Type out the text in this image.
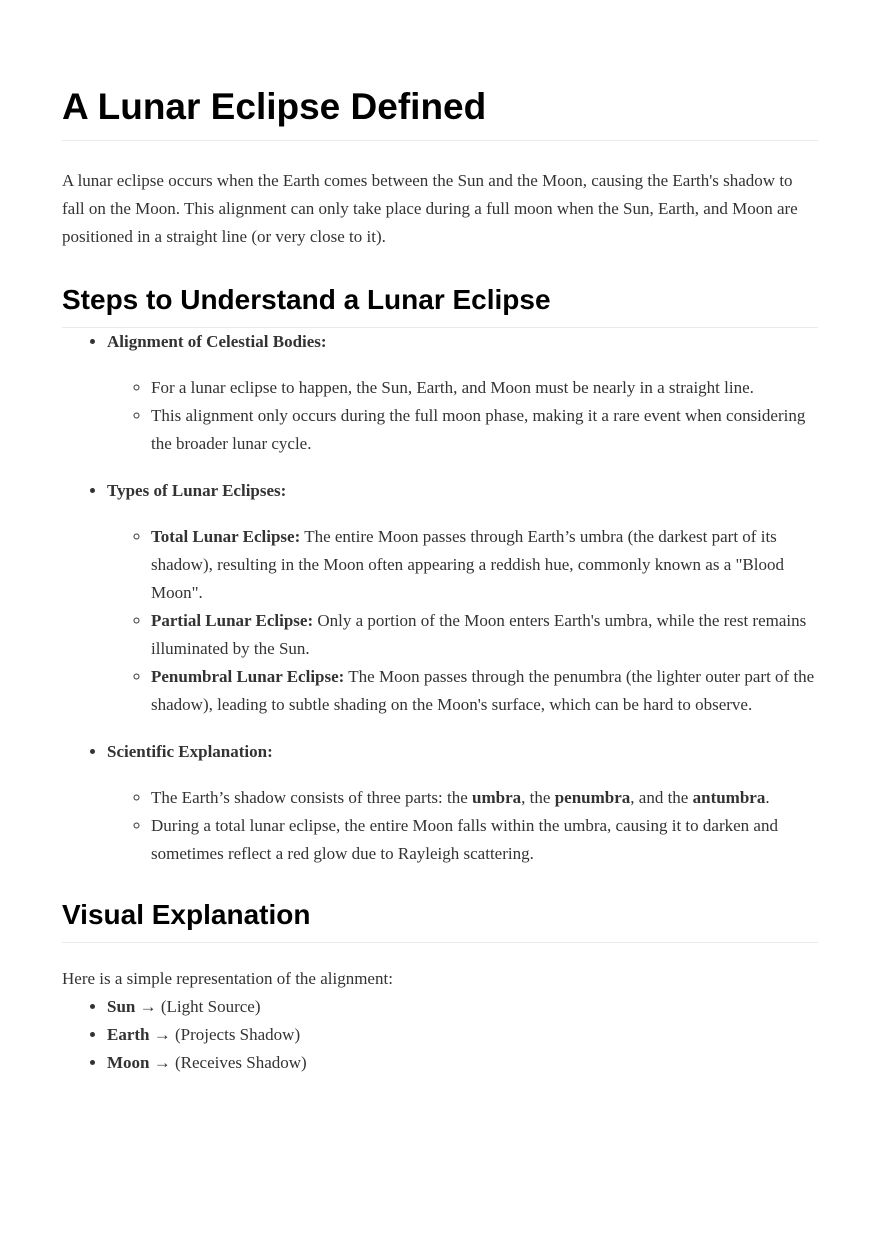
A Lunar Eclipse Defined

A lunar eclipse occurs when the Earth comes between the Sun and the Moon, causing the Earth's shadow to fall on the Moon. This alignment can only take place during a full moon when the Sun, Earth, and Moon are positioned in a straight line (or very close to it).

Steps to Understand a Lunar Eclipse
• Alignment of Celestial Bodies:
◦ For a lunar eclipse to happen, the Sun, Earth, and Moon must be nearly in a straight line.
◦ This alignment only occurs during the full moon phase, making it a rare event when considering the broader lunar cycle.
• Types of Lunar Eclipses:
◦ Total Lunar Eclipse: The entire Moon passes through Earth’s umbra (the darkest part of its shadow), resulting in the Moon often appearing a reddish hue, commonly known as a "Blood Moon".
◦ Partial Lunar Eclipse: Only a portion of the Moon enters Earth's umbra, while the rest remains illuminated by the Sun.
◦ Penumbral Lunar Eclipse: The Moon passes through the penumbra (the lighter outer part of the shadow), leading to subtle shading on the Moon's surface, which can be hard to observe.
• Scientific Explanation:
◦ The Earth’s shadow consists of three parts: the umbra, the penumbra, and the antumbra.
◦ During a total lunar eclipse, the entire Moon falls within the umbra, causing it to darken and sometimes reflect a red glow due to Rayleigh scattering.
Visual Explanation

Here is a simple representation of the alignment:

• Sun → (Light Source)
• Earth → (Projects Shadow)
• Moon → (Receives Shadow)
